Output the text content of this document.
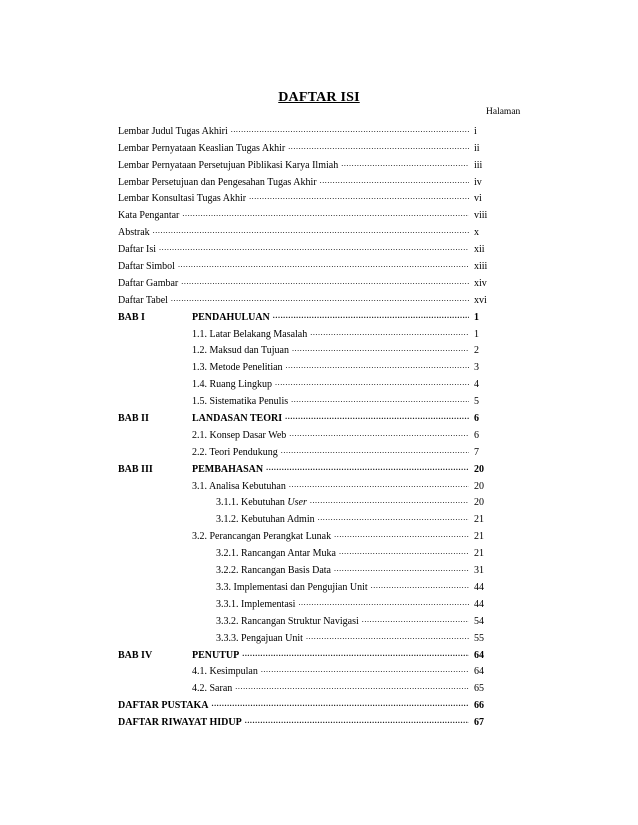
DAFTAR ISI
Halaman
Lembar Judul Tugas Akhiri .....	i
Lembar Pernyataan Keaslian Tugas Akhir .....	ii
Lembar Pernyataan Persetujuan Piblikasi Karya Ilmiah .....	iii
Lembar Persetujuan dan Pengesahan Tugas Akhir .....	iv
Lembar Konsultasi Tugas Akhir .....	vi
Kata Pengantar .....	viii
Abstrak .....	x
Daftar Isi .....	xii
Daftar Simbol .....	xiii
Daftar Gambar .....	xiv
Daftar Tabel .....	xvi
BAB I	PENDAHULUAN .....	1
1.1. Latar Belakang Masalah .....	1
1.2. Maksud dan Tujuan .....	2
1.3. Metode Penelitian .....	3
1.4. Ruang Lingkup .....	4
1.5. Sistematika Penulis .....	5
BAB II	LANDASAN TEORI .....	6
2.1. Konsep Dasar Web .....	6
2.2. Teori Pendukung .....	7
BAB III	PEMBAHASAN .....	20
3.1. Analisa Kebutuhan .....	20
3.1.1. Kebutuhan User .....	20
3.1.2. Kebutuhan Admin .....	21
3.2. Perancangan Perangkat Lunak .....	21
3.2.1. Rancangan Antar Muka .....	21
3.2.2. Rancangan Basis Data .....	31
3.3. Implementasi dan Pengujian Unit .....	44
3.3.1. Implementasi .....	44
3.3.2. Rancangan Struktur Navigasi .....	54
3.3.3. Pengajuan Unit .....	55
BAB IV	PENUTUP .....	64
4.1. Kesimpulan .....	64
4.2. Saran .....	65
DAFTAR PUSTAKA .....	66
DAFTAR RIWAYAT HIDUP .....	67
